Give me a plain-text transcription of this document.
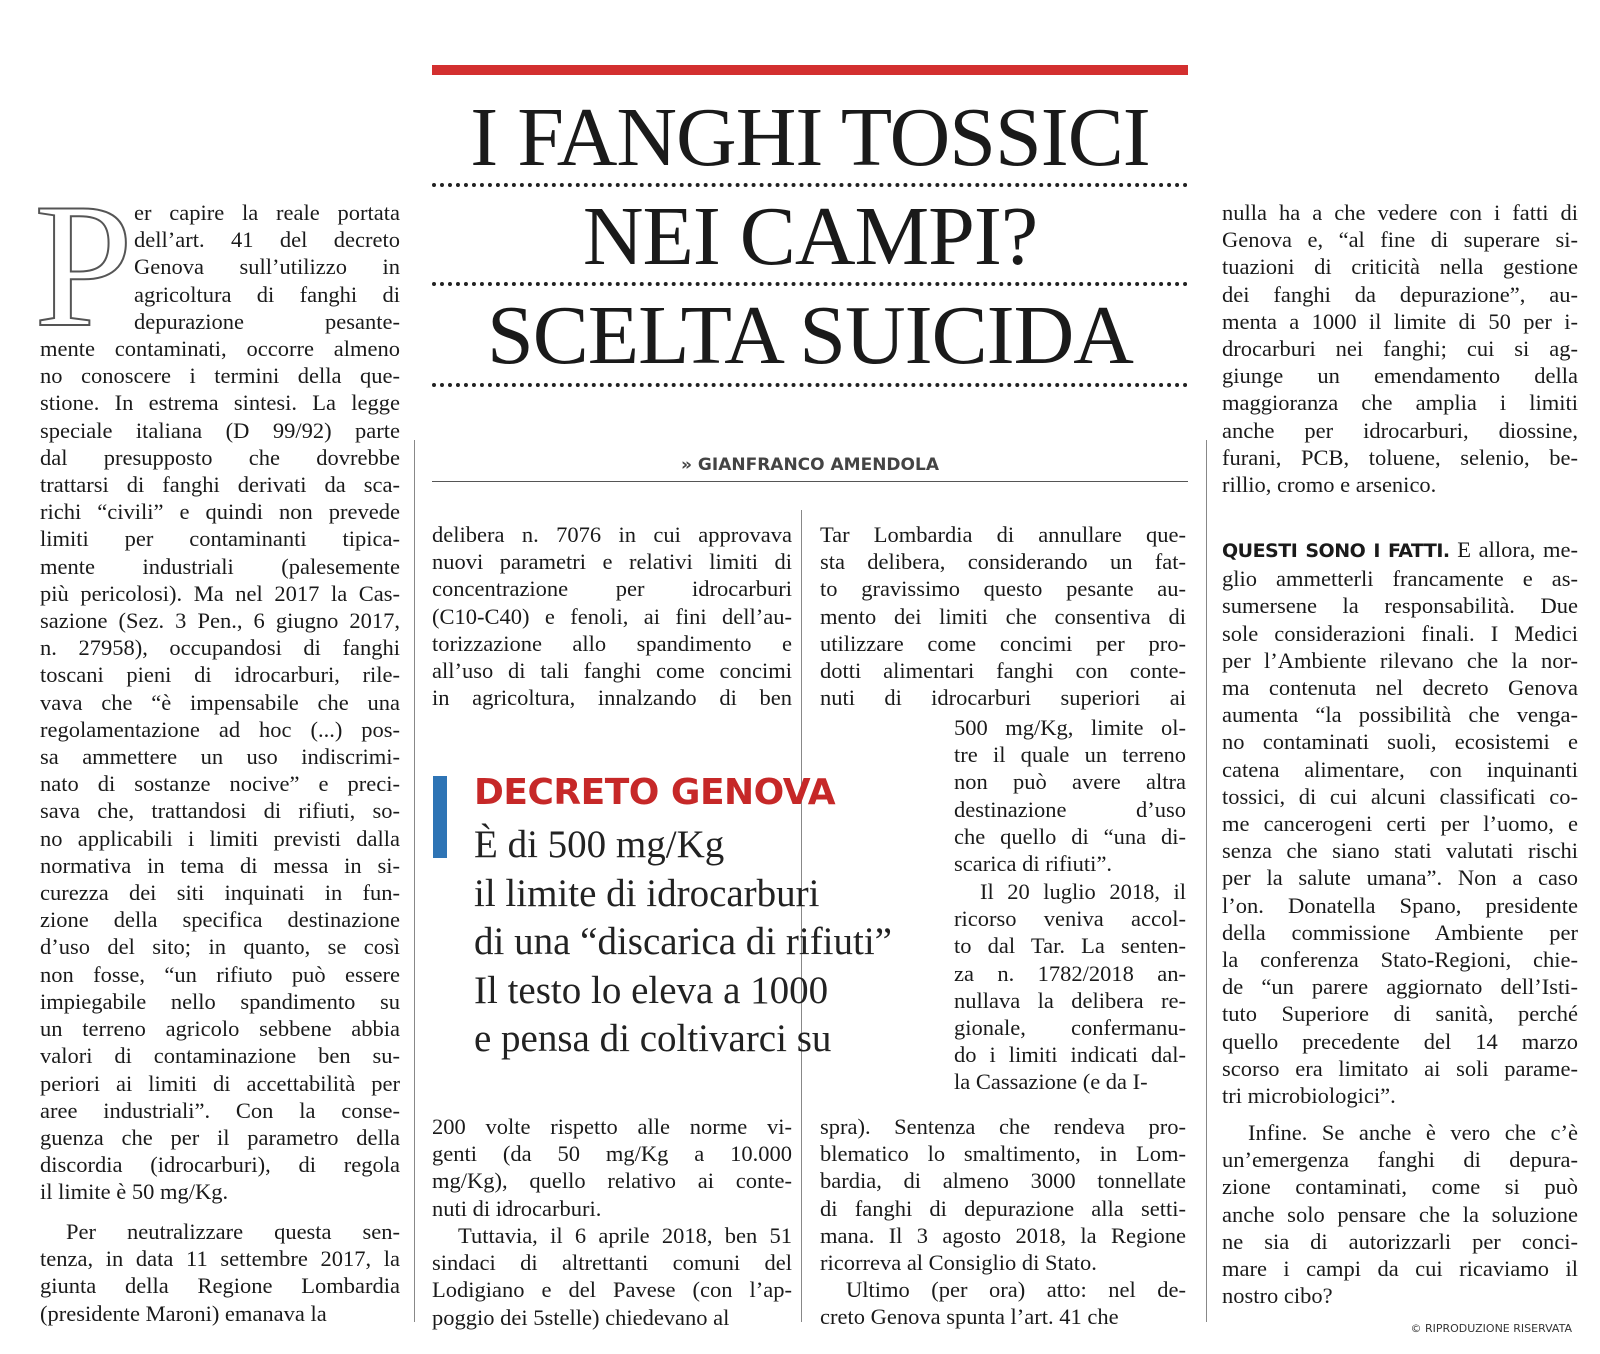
I FANGHI TOSSICI
NEI CAMPI?
SCELTA SUICIDA
» GIANFRANCO AMENDOLA
P er capire la reale portata
dell’art. 41 del decreto
Genova sull’utilizzo in
agricoltura di fanghi di
depurazione pesante-
mente contaminati, occorre almeno
no conoscere i termini della que-
stione. In estrema sintesi. La legge
speciale italiana (D 99/92) parte
dal presupposto che dovrebbe
trattarsi di fanghi derivati da sca-
richi “civili” e quindi non prevede
limiti per contaminanti tipica-
mente industriali (palesemente
più pericolosi). Ma nel 2017 la Cas-
sazione (Sez. 3 Pen., 6 giugno 2017,
n. 27958), occupandosi di fanghi
toscani pieni di idrocarburi, rile-
vava che “è impensabile che una
regolamentazione ad hoc (...) pos-
sa ammettere un uso indiscrimi-
nato di sostanze nocive” e preci-
sava che, trattandosi di rifiuti, so-
no applicabili i limiti previsti dalla
normativa in tema di messa in si-
curezza dei siti inquinati in fun-
zione della specifica destinazione
d’uso del sito; in quanto, se così
non fosse, “un rifiuto può essere
impiegabile nello spandimento su
un terreno agricolo sebbene abbia
valori di contaminazione ben su-
periori ai limiti di accettabilità per
aree industriali”. Con la conse-
guenza che per il parametro della
discordia (idrocarburi), di regola
il limite è 50 mg/Kg.
Per neutralizzare questa sen-
tenza, in data 11 settembre 2017, la
giunta della Regione Lombardia
(presidente Maroni) emanava la
delibera n. 7076 in cui approvava
nuovi parametri e relativi limiti di
concentrazione per idrocarburi
(C10-C40) e fenoli, ai fini dell’au-
torizzazione allo spandimento e
all’uso di tali fanghi come concimi
in agricoltura, innalzando di ben
200 volte rispetto alle norme vi-
genti (da 50 mg/Kg a 10.000
mg/Kg), quello relativo ai conte-
nuti di idrocarburi.
Tuttavia, il 6 aprile 2018, ben 51
sindaci di altrettanti comuni del
Lodigiano e del Pavese (con l’ap-
poggio dei 5stelle) chiedevano al
DECRETO GENOVA
È di 500 mg/Kg
il limite di idrocarburi
di una “discarica di rifiuti”
Il testo lo eleva a 1000
e pensa di coltivarci su
Tar Lombardia di annullare que-
sta delibera, considerando un fat-
to gravissimo questo pesante au-
mento dei limiti che consentiva di
utilizzare come concimi per pro-
dotti alimentari fanghi con conte-
nuti di idrocarburi superiori ai
500 mg/Kg, limite ol-
tre il quale un terreno
non può avere altra
destinazione d’uso
che quello di “una di-
scarica di rifiuti”.
Il 20 luglio 2018, il
ricorso veniva accol-
to dal Tar. La senten-
za n. 1782/2018 an-
nullava la delibera re-
gionale, confermanu-
do i limiti indicati dal-
la Cassazione (e da I-
spra). Sentenza che rendeva pro-
blematico lo smaltimento, in Lom-
bardia, di almeno 3000 tonnellate
di fanghi di depurazione alla setti-
mana. Il 3 agosto 2018, la Regione
ricorreva al Consiglio di Stato.
Ultimo (per ora) atto: nel de-
creto Genova spunta l’art. 41 che
nulla ha a che vedere con i fatti di
Genova e, “al fine di superare si-
tuazioni di criticità nella gestione
dei fanghi da depurazione”, au-
menta a 1000 il limite di 50 per i-
drocarburi nei fanghi; cui si ag-
giunge un emendamento della
maggioranza che amplia i limiti
anche per idrocarburi, diossine,
furani, PCB, toluene, selenio, be-
rillio, cromo e arsenico.
QUESTI SONO I FATTI. E allora, me-
glio ammetterli francamente e as-
sumersene la responsabilità. Due
sole considerazioni finali. I Medici
per l’Ambiente rilevano che la nor-
ma contenuta nel decreto Genova
aumenta “la possibilità che venga-
no contaminati suoli, ecosistemi e
catena alimentare, con inquinanti
tossici, di cui alcuni classificati co-
me cancerogeni certi per l’uomo, e
senza che siano stati valutati rischi
per la salute umana”. Non a caso
l’on. Donatella Spano, presidente
della commissione Ambiente per
la conferenza Stato-Regioni, chie-
de “un parere aggiornato dell’Isti-
tuto Superiore di sanità, perché
quello precedente del 14 marzo
scorso era limitato ai soli parame-
tri microbiologici”.
Infine. Se anche è vero che c’è
un’emergenza fanghi di depura-
zione contaminati, come si può
anche solo pensare che la soluzione
ne sia di autorizzarli per conci-
mare i campi da cui ricaviamo il
nostro cibo?
© RIPRODUZIONE RISERVATA
